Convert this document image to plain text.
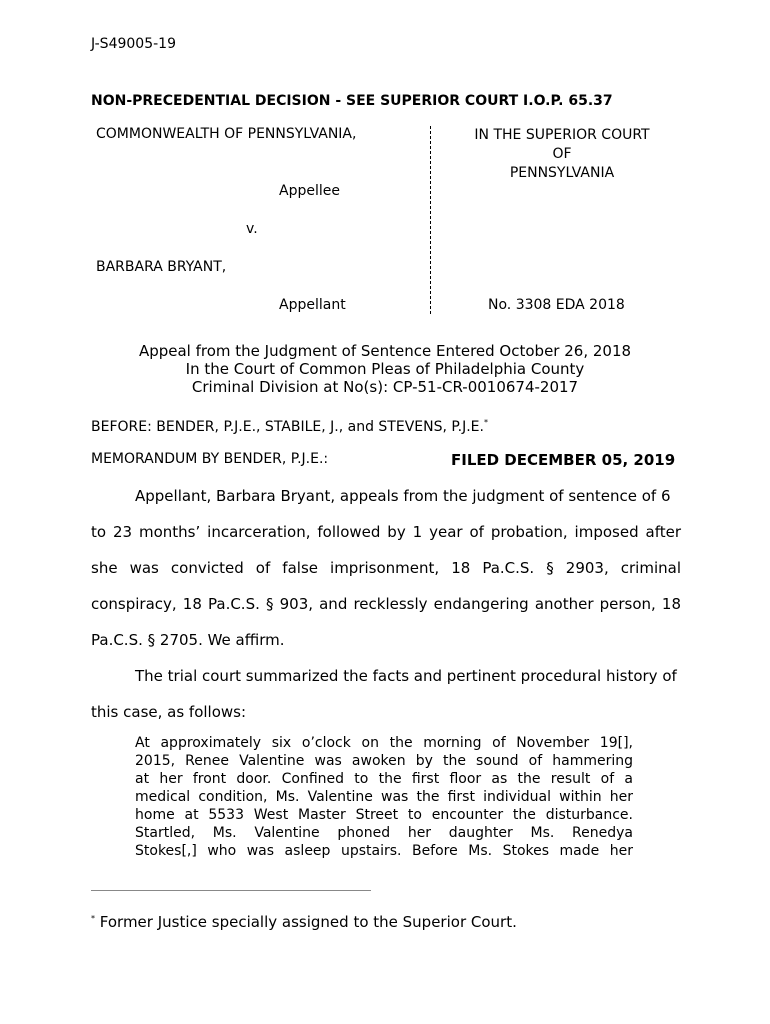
J-S49005-19
NON-PRECEDENTIAL DECISION - SEE SUPERIOR COURT I.O.P. 65.37
COMMONWEALTH OF PENNSYLVANIA,
Appellee
v.
BARBARA BRYANT,
Appellant
IN THE SUPERIOR COURT
OF
PENNSYLVANIA
No. 3308 EDA 2018
Appeal from the Judgment of Sentence Entered October 26, 2018
In the Court of Common Pleas of Philadelphia County
Criminal Division at No(s): CP-51-CR-0010674-2017
BEFORE: BENDER, P.J.E., STABILE, J., and STEVENS, P.J.E.*
MEMORANDUM BY BENDER, P.J.E.:	FILED DECEMBER 05, 2019
Appellant, Barbara Bryant, appeals from the judgment of sentence of 6
to 23 months’ incarceration, followed by 1 year of probation, imposed after
she was convicted of false imprisonment, 18 Pa.C.S. § 2903, criminal
conspiracy, 18 Pa.C.S. § 903, and recklessly endangering another person, 18
Pa.C.S. § 2705. We affirm.
The trial court summarized the facts and pertinent procedural history of
this case, as follows:
At approximately six o’clock on the morning of November 19[],
2015, Renee Valentine was awoken by the sound of hammering
at her front door. Confined to the first floor as the result of a
medical condition, Ms. Valentine was the first individual within her
home at 5533 West Master Street to encounter the disturbance.
Startled, Ms. Valentine phoned her daughter Ms. Renedya
Stokes[,] who was asleep upstairs. Before Ms. Stokes made her
* Former Justice specially assigned to the Superior Court.
